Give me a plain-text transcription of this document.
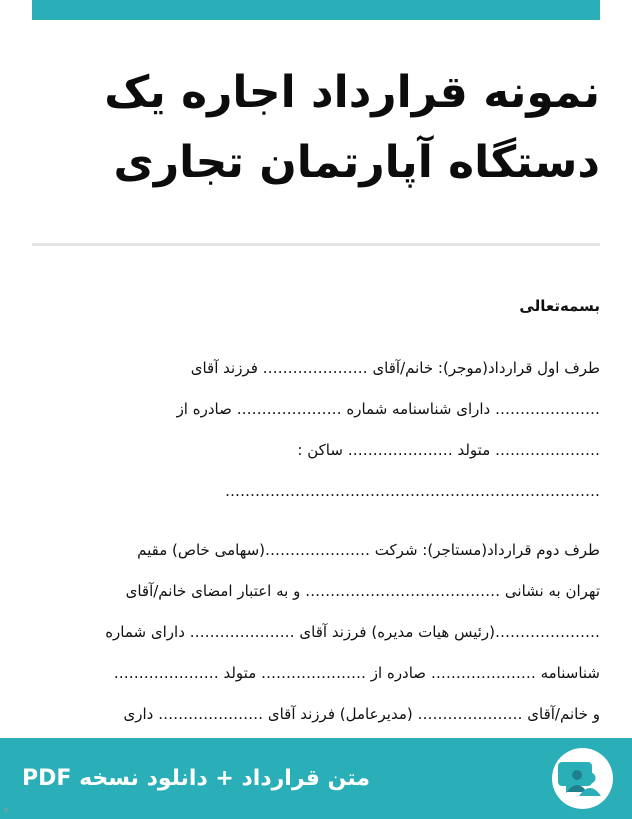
نمونه قرارداد اجاره یک
دستگاه آپارتمان تجاری
بسمه‌تعالی
طرف اول قرارداد(موجر): خانم/آقای ………………… فرزند آقای
………………… دارای شناسنامه شماره ………………… صادره از
………………… متولد ………………… ساکن :
…………………………………………………………………
طرف دوم قرارداد(مستاجر): شرکت …………………(سهامی خاص) مقیم
تهران به نشانی ………………………………… و به اعتبار امضای خانم/آقای
…………………(رئیس هیات مدیره) فرزند آقای ………………… دارای شماره
شناسنامه ………………… صادره از ………………… متولد …………………
و خانم/آقای ………………… (مدیرعامل) فرزند آقای ………………… داری
متن قرارداد + دانلود نسخه PDF
٧
